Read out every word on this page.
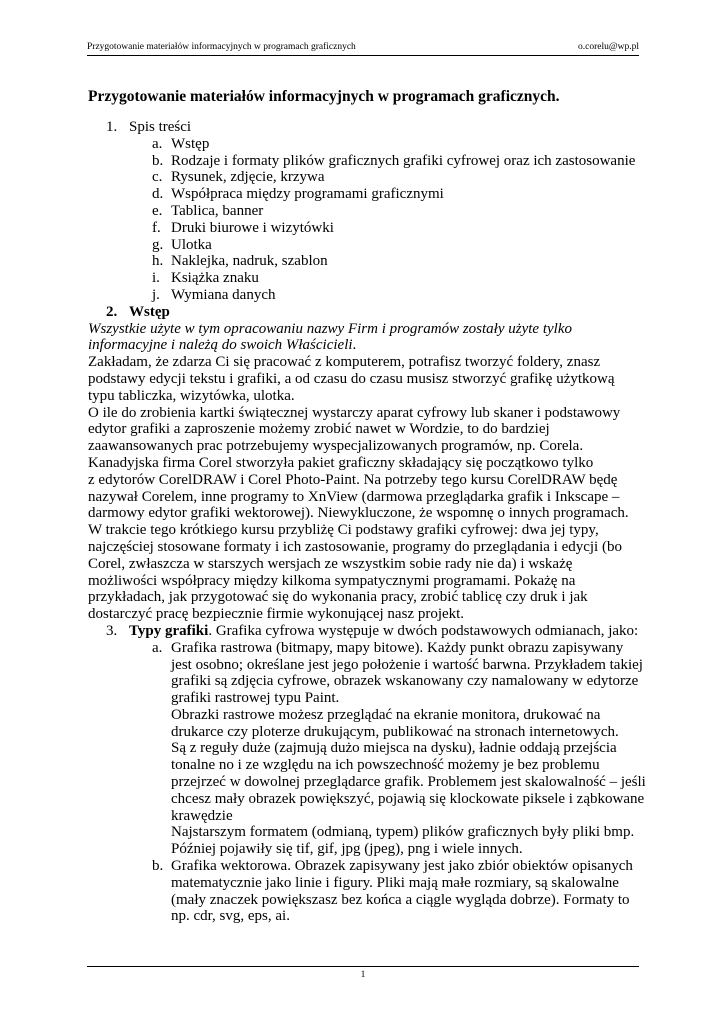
Przygotowanie materiałów informacyjnych w programach graficznych	o.corelu@wp.pl
Przygotowanie materiałów informacyjnych w programach graficznych.
1. Spis treści
a. Wstęp
b. Rodzaje i formaty plików graficznych grafiki cyfrowej oraz ich zastosowanie
c. Rysunek, zdjęcie, krzywa
d. Współpraca między programami graficznymi
e. Tablica, banner
f. Druki biurowe i wizytówki
g. Ulotka
h. Naklejka, nadruk, szablon
i. Książka znaku
j. Wymiana danych
2. Wstęp
Wszystkie użyte w tym opracowaniu nazwy Firm i programów zostały użyte tylko
informacyjne i należą do swoich Właścicieli.
Zakładam, że zdarza Ci się pracować z komputerem, potrafisz tworzyć foldery, znasz
podstawy edycji tekstu i grafiki, a od czasu do czasu musisz stworzyć grafikę użytkową
typu tabliczka, wizytówka, ulotka.
O ile do zrobienia kartki świątecznej wystarczy aparat cyfrowy lub skaner i podstawowy
edytor grafiki a zaproszenie możemy zrobić nawet w Wordzie, to do bardziej
zaawansowanych prac potrzebujemy wyspecjalizowanych programów, np. Corela.
Kanadyjska firma Corel stworzyła pakiet graficzny składający się początkowo tylko
z edytorów CorelDRAW i Corel Photo-Paint. Na potrzeby tego kursu CorelDRAW będę
nazywał Corelem, inne programy to XnView (darmowa przeglądarka grafik i Inkscape –
darmowy edytor grafiki wektorowej). Niewykluczone, że wspomnę o innych programach.
W trakcie tego krótkiego kursu przybliżę Ci podstawy grafiki cyfrowej: dwa jej typy,
najczęściej stosowane formaty i ich zastosowanie, programy do przeglądania i edycji (bo
Corel, zwłaszcza w starszych wersjach ze wszystkim sobie rady nie da) i wskażę
możliwości współpracy między kilkoma sympatycznymi programami. Pokażę na
przykładach, jak przygotować się do wykonania pracy, zrobić tablicę czy druk i jak
dostarczyć pracę bezpiecznie firmie wykonującej nasz projekt.
3. Typy grafiki. Grafika cyfrowa występuje w dwóch podstawowych odmianach, jako:
a. Grafika rastrowa (bitmapy, mapy bitowe). Każdy punkt obrazu zapisywany
jest osobno; określane jest jego położenie i wartość barwna. Przykładem takiej
grafiki są zdjęcia cyfrowe, obrazek wskanowany czy namalowany w edytorze
grafiki rastrowej typu Paint.
Obrazki rastrowe możesz przeglądać na ekranie monitora, drukować na
drukarce czy ploterze drukującym, publikować na stronach internetowych.
Są z reguły duże (zajmują dużo miejsca na dysku), ładnie oddają przejścia
tonalne no i ze względu na ich powszechność możemy je bez problemu
przejrzeć w dowolnej przeglądarce grafik. Problemem jest skalowalność – jeśli
chcesz mały obrazek powiększyć, pojawią się klockowate piksele i ząbkowane
krawędzie
Najstarszym formatem (odmianą, typem) plików graficznych były pliki bmp.
Później pojawiły się tif, gif, jpg (jpeg), png i wiele innych.
b. Grafika wektorowa. Obrazek zapisywany jest jako zbiór obiektów opisanych
matematycznie jako linie i figury. Pliki mają małe rozmiary, są skalowalne
(mały znaczek powiększasz bez końca a ciągle wygląda dobrze). Formaty to
np. cdr, svg, eps, ai.
1
